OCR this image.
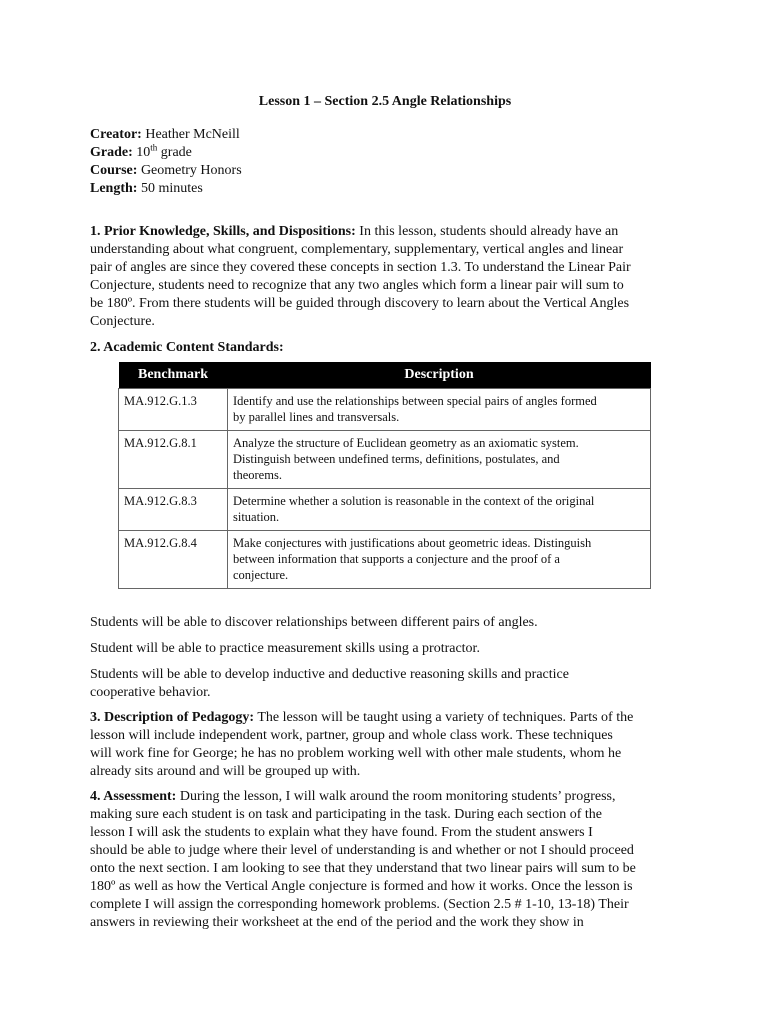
Lesson 1 – Section 2.5 Angle Relationships
Creator: Heather McNeill
Grade: 10th grade
Course: Geometry Honors
Length: 50 minutes
1. Prior Knowledge, Skills, and Dispositions: In this lesson, students should already have an
understanding about what congruent, complementary, supplementary, vertical angles and linear
pair of angles are since they covered these concepts in section 1.3. To understand the Linear Pair
Conjecture, students need to recognize that any two angles which form a linear pair will sum to
be 180º. From there students will be guided through discovery to learn about the Vertical Angles
Conjecture.
2. Academic Content Standards:
Benchmark	Description
MA.912.G.1.3	Identify and use the relationships between special pairs of angles formed
by parallel lines and transversals.
MA.912.G.8.1	Analyze the structure of Euclidean geometry as an axiomatic system.
Distinguish between undefined terms, definitions, postulates, and
theorems.
MA.912.G.8.3	Determine whether a solution is reasonable in the context of the original
situation.
MA.912.G.8.4	Make conjectures with justifications about geometric ideas. Distinguish
between information that supports a conjecture and the proof of a
conjecture.
Students will be able to discover relationships between different pairs of angles.
Student will be able to practice measurement skills using a protractor.
Students will be able to develop inductive and deductive reasoning skills and practice
cooperative behavior.
3. Description of Pedagogy: The lesson will be taught using a variety of techniques. Parts of the
lesson will include independent work, partner, group and whole class work. These techniques
will work fine for George; he has no problem working well with other male students, whom he
already sits around and will be grouped up with.
4. Assessment: During the lesson, I will walk around the room monitoring students’ progress,
making sure each student is on task and participating in the task. During each section of the
lesson I will ask the students to explain what they have found. From the student answers I
should be able to judge where their level of understanding is and whether or not I should proceed
onto the next section. I am looking to see that they understand that two linear pairs will sum to be
180º as well as how the Vertical Angle conjecture is formed and how it works. Once the lesson is
complete I will assign the corresponding homework problems. (Section 2.5 # 1-10, 13-18) Their
answers in reviewing their worksheet at the end of the period and the work they show in
